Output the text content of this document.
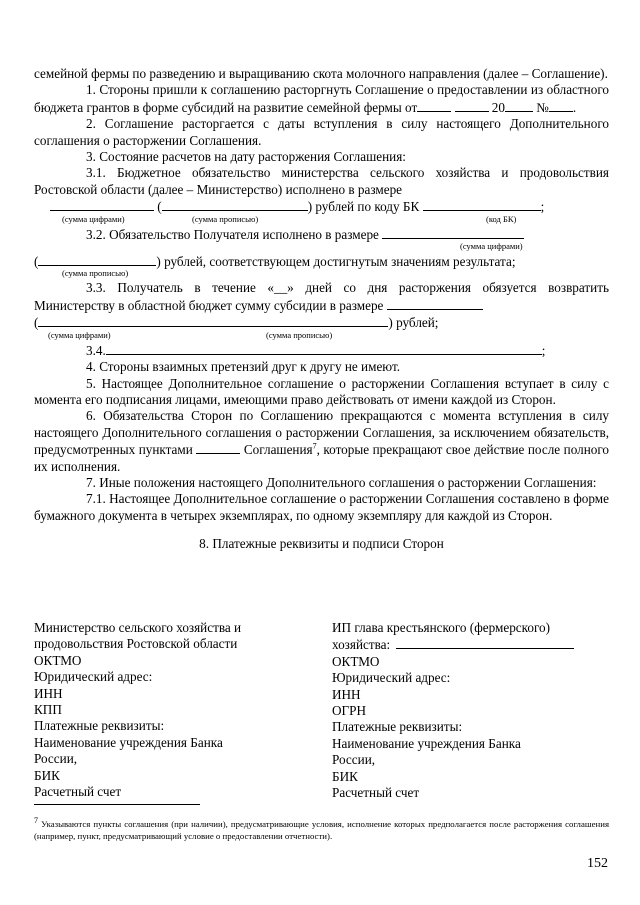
семейной фермы по разведению и выращиванию скота молочного направления (далее – Соглашение).

1. Стороны пришли к соглашению расторгнуть Соглашение о предоставлении из областного бюджета грантов в форме субсидий на развитие семейной фермы от	20 № .

2. Соглашение расторгается с даты вступления в силу настоящего Дополнительного соглашения о расторжении Соглашения.

3. Состояние расчетов на дату расторжения Соглашения:

3.1. Бюджетное обязательство министерства сельского хозяйства и продовольствия Ростовской области (далее – Министерство) исполнено в размере

(	) рублей по коду БК	;

(сумма цифрами)	(сумма прописью)	(код БК)

3.2. Обязательство Получателя исполнено в размере

(сумма цифрами)

(	) рублей, соответствующем достигнутым значениям результата;

(сумма прописью)

3.3. Получатель в течение «__» дней со дня расторжения обязуется возвратить Министерству в областной бюджет сумму субсидии в размере

(	) рублей;

(сумма цифрами)	(сумма прописью)

3.4.	;

4. Стороны взаимных претензий друг к другу не имеют.

5. Настоящее Дополнительное соглашение о расторжении Соглашения вступает в силу с момента его подписания лицами, имеющими право действовать от имени каждой из Сторон.

6. Обязательства Сторон по Соглашению прекращаются с момента вступления в силу настоящего Дополнительного соглашения о расторжении Соглашения, за исключением обязательств, предусмотренных пунктами	Соглашения$^7$, которые прекращают свое действие после полного их исполнения.

7. Иные положения настоящего Дополнительного соглашения о расторжении Соглашения:

7.1. Настоящее Дополнительное соглашение о расторжении Соглашения составлено в форме бумажного документа в четырех экземплярах, по одному экземпляру для каждой из Сторон.

8. Платежные реквизиты и подписи Сторон

Министерство сельского хозяйства и
продовольствия Ростовской области
ОКТМО
Юридический адрес:
ИНН
КПП
Платежные реквизиты:
Наименование учреждения Банка
России,
БИК
Расчетный счет
ИП глава крестьянского (фермерского)
хозяйства:
ОКТМО
Юридический адрес:
ИНН
ОГРН
Платежные реквизиты:
Наименование учреждения Банка
России,
БИК
Расчетный счет
$^7$ Указываются пункты соглашения (при наличии), предусматривающие условия, исполнение которых предполагается после расторжения соглашения (например, пункт, предусматривающий условие о предоставлении отчетности).
152
